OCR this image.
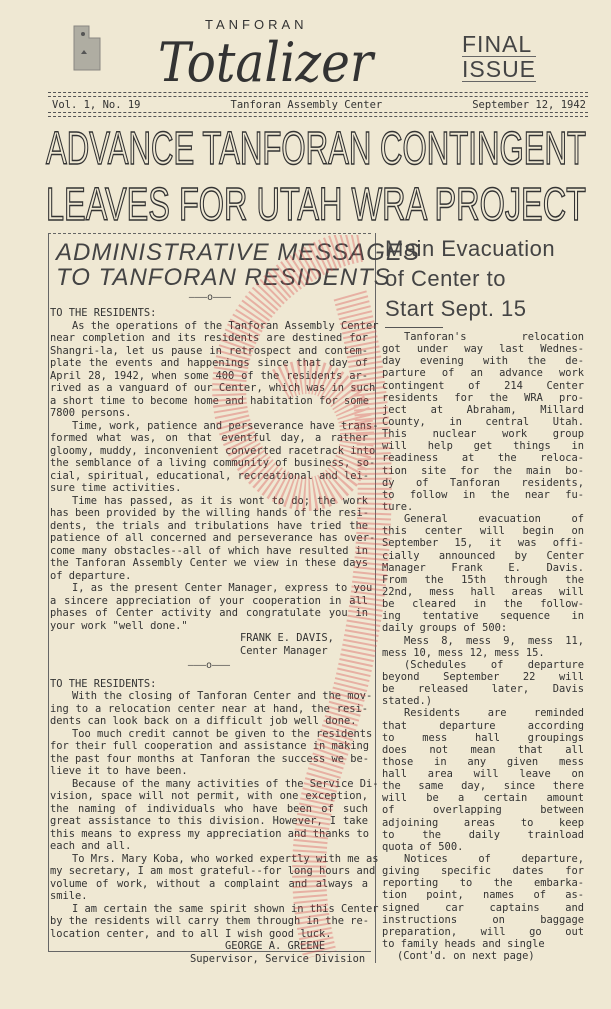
TANFORAN
Totalizer	FINAL
ISSUE
Vol. 1, No. 19	Tanforan Assembly Center	September 12, 1942
ADVANCE TANFORAN CONTINGENT
LEAVES FOR UTAH WRA PROJECT
ADMINISTRATIVE MESSAGES
TO TANFORAN RESIDENTS
———o———
TO THE RESIDENTS:
As the operations of the Tanforan Assembly Center
near completion and its residents are destined for
Shangri-la, let us pause in retrospect and contem-
plate the events and happenings since that day of
April 28, 1942, when some 400 of the residents ar-
rived as a vanguard of our Center, which was in such
a short time to become home and habitation for some
7800 persons.
Time, work, patience and perseverance have trans-
formed what was, on that eventful day, a rather
gloomy, muddy, inconvenient converted racetrack into
the semblance of a living community of business, so-
cial, spiritual, educational, recreational and lei-
sure time activities.
Time has passed, as it is wont to do; the work
has been provided by the willing hands of the resi-
dents, the trials and tribulations have tried the
patience of all concerned and perseverance has over-
come many obstacles--all of which have resulted in
the Tanforan Assembly Center we view in these days
of departure.
I, as the present Center Manager, express to you
a sincere appreciation of your cooperation in all
phases of Center activity and congratulate you in
your work "well done."
FRANK E. DAVIS,
Center Manager
———o———
TO THE RESIDENTS:
With the closing of Tanforan Center and the mov-
ing to a relocation center near at hand, the resi-
dents can look back on a difficult job well done.
Too much credit cannot be given to the residents
for their full cooperation and assistance in making
the past four months at Tanforan the success we be-
lieve it to have been.
Because of the many activities of the Service Di-
vision, space will not permit, with one exception,
the naming of individuals who have been of such
great assistance to this division. However, I take
this means to express my appreciation and thanks to
each and all.
To Mrs. Mary Koba, who worked expertly with me as
my secretary, I am most grateful--for long hours and
volume of work, without a complaint and always a
smile.
I am certain the same spirit shown in this Center
by the residents will carry them through in the re-
location center, and to all I wish good luck.
GEORGE A. GREENE
Supervisor, Service Division
Main Evacuation
of Center to
Start Sept. 15
Tanforan's relocation
got under way last Wednes-
day evening with the de-
parture of an advance work
contingent of 214 Center
residents for the WRA pro-
ject at Abraham, Millard
County, in central Utah.
This nuclear work group
will help get things in
readiness at the reloca-
tion site for the main bo-
dy of Tanforan residents,
to follow in the near fu-
ture.
General evacuation of
this center will begin on
September 15, it was offi-
cially announced by Center
Manager Frank E. Davis.
From the 15th through the
22nd, mess hall areas will
be cleared in the follow-
ing tentative sequence in
daily groups of 500:
Mess 8, mess 9, mess 11,
mess 10, mess 12, mess 15.
(Schedules of departure
beyond September 22 will
be released later, Davis
stated.)
Residents are reminded
that departure according
to mess hall groupings
does not mean that all
those in any given mess
hall area will leave on
the same day, since there
will be a certain amount
of overlapping between
adjoining areas to keep
to the daily trainload
quota of 500.
Notices of departure,
giving specific dates for
reporting to the embarka-
tion point, names of as-
signed car captains and
instructions on baggage
preparation, will go out
to family heads and single
(Cont'd. on next page)
